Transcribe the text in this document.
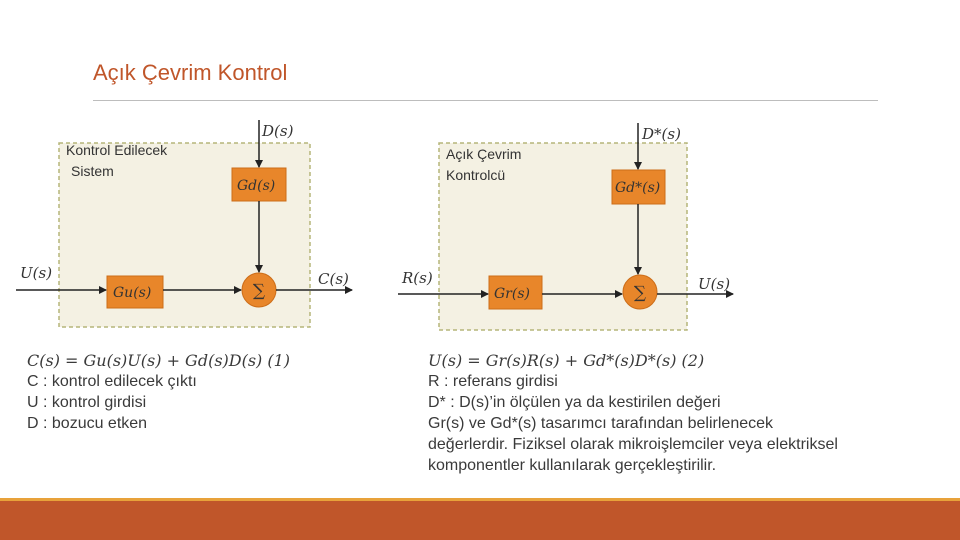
Açık Çevrim Kontrol
Kontrol Edilecek
Sistem
Gd(s)
Gu(s)	∑
D(s)
U(s)	C(s)
Açık Çevrim
Kontrolcü
Gd*(s)
Gr(s)	∑
D*(s)
R(s)	U(s)
C(s) = Gu(s)U(s) + Gd(s)D(s) (1)
C : kontrol edilecek çıktı
U : kontrol girdisi
D : bozucu etken
U(s) = Gr(s)R(s) + Gd*(s)D*(s) (2)
R : referans girdisi
D* : D(s)’in ölçülen ya da kestirilen değeri
Gr(s) ve Gd*(s) tasarımcı tarafından belirlenecek
değerlerdir. Fiziksel olarak mikroişlemciler veya elektriksel
komponentler kullanılarak gerçekleştirilir.
